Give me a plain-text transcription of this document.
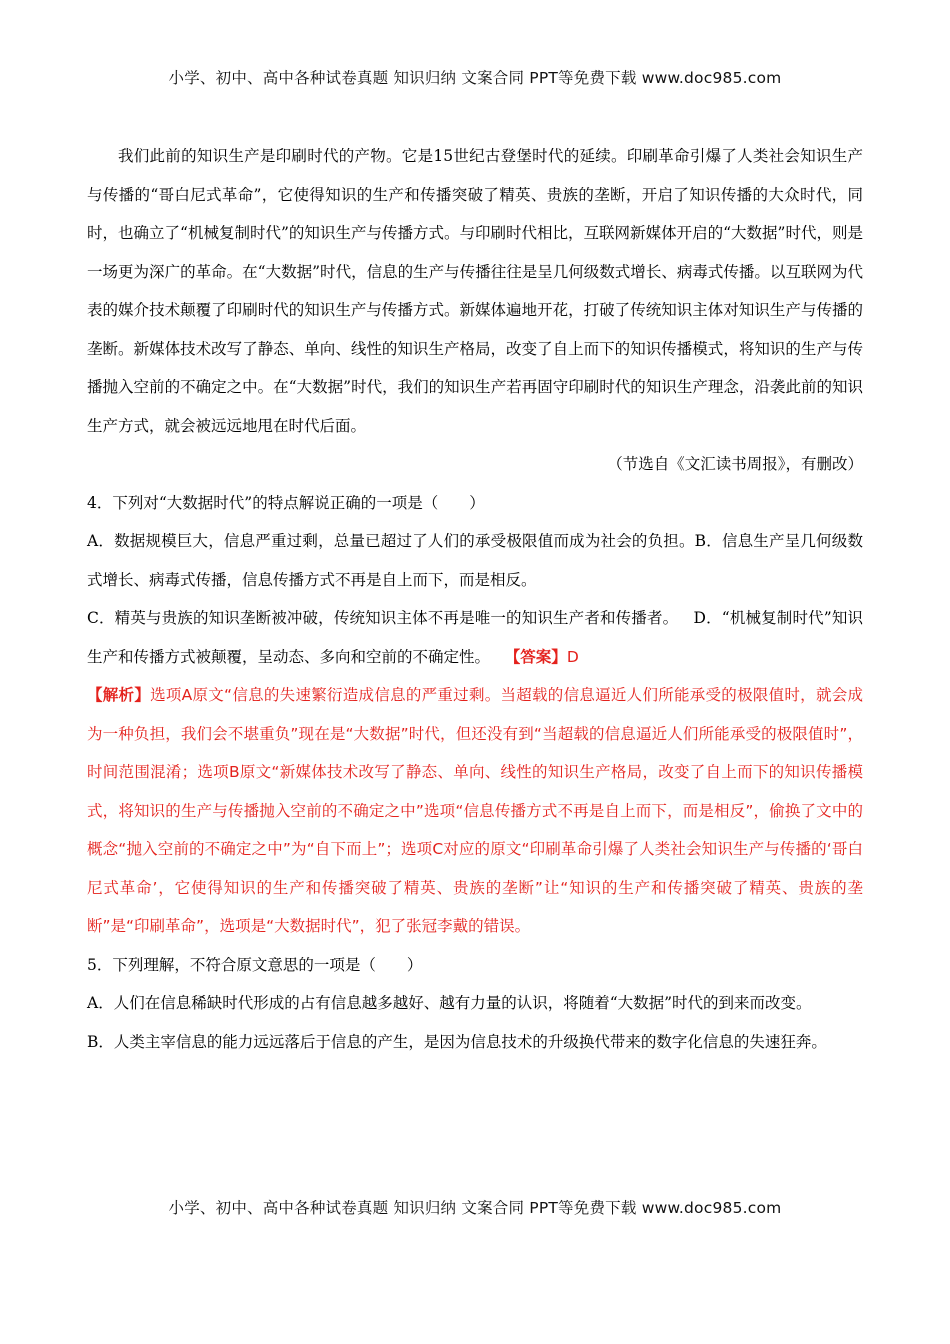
小学、初中、高中各种试卷真题 知识归纳 文案合同 PPT等免费下载 www.doc985.com

我们此前的知识生产是印刷时代的产物。它是15世纪古登堡时代的延续。印刷革命引爆了人类社会知识生产与传播的“哥白尼式革命”，它使得知识的生产和传播突破了精英、贵族的垄断，开启了知识传播的大众时代，同时，也确立了“机械复制时代”的知识生产与传播方式。与印刷时代相比，互联网新媒体开启的“大数据”时代，则是一场更为深广的革命。在“大数据”时代，信息的生产与传播往往是呈几何级数式增长、病毒式传播。以互联网为代表的媒介技术颠覆了印刷时代的知识生产与传播方式。新媒体遍地开花，打破了传统知识主体对知识生产与传播的垄断。新媒体技术改写了静态、单向、线性的知识生产格局，改变了自上而下的知识传播模式，将知识的生产与传播抛入空前的不确定之中。在“大数据”时代，我们的知识生产若再固守印刷时代的知识生产理念，沿袭此前的知识生产方式，就会被远远地甩在时代后面。

（节选自《文汇读书周报》，有删改）

4．下列对“大数据时代”的特点解说正确的一项是（　　）

A．数据规模巨大，信息严重过剩，总量已超过了人们的承受极限值而成为社会的负担。B．信息生产呈几何级数式增长、病毒式传播，信息传播方式不再是自上而下，而是相反。

C．精英与贵族的知识垄断被冲破，传统知识主体不再是唯一的知识生产者和传播者。 D．“机械复制时代”知识生产和传播方式被颠覆，呈动态、多向和空前的不确定性。 【答案】D

【解析】选项A原文“信息的失速繁衍造成信息的严重过剩。当超载的信息逼近人们所能承受的极限值时，就会成为一种负担，我们会不堪重负”现在是“大数据”时代，但还没有到“当超载的信息逼近人们所能承受的极限值时”，时间范围混淆；选项B原文“新媒体技术改写了静态、单向、线性的知识生产格局，改变了自上而下的知识传播模式，将知识的生产与传播抛入空前的不确定之中”选项“信息传播方式不再是自上而下，而是相反”，偷换了文中的概念“抛入空前的不确定之中”为“自下而上”；选项C对应的原文“印刷革命引爆了人类社会知识生产与传播的‘哥白尼式革命’，它使得知识的生产和传播突破了精英、贵族的垄断”让“知识的生产和传播突破了精英、贵族的垄断”是“印刷革命”，选项是“大数据时代”，犯了张冠李戴的错误。

5．下列理解，不符合原文意思的一项是（　　）

A．人们在信息稀缺时代形成的占有信息越多越好、越有力量的认识，将随着“大数据”时代的到来而改变。

B．人类主宰信息的能力远远落后于信息的产生，是因为信息技术的升级换代带来的数字化信息的失速狂奔。

小学、初中、高中各种试卷真题 知识归纳 文案合同 PPT等免费下载 www.doc985.com
